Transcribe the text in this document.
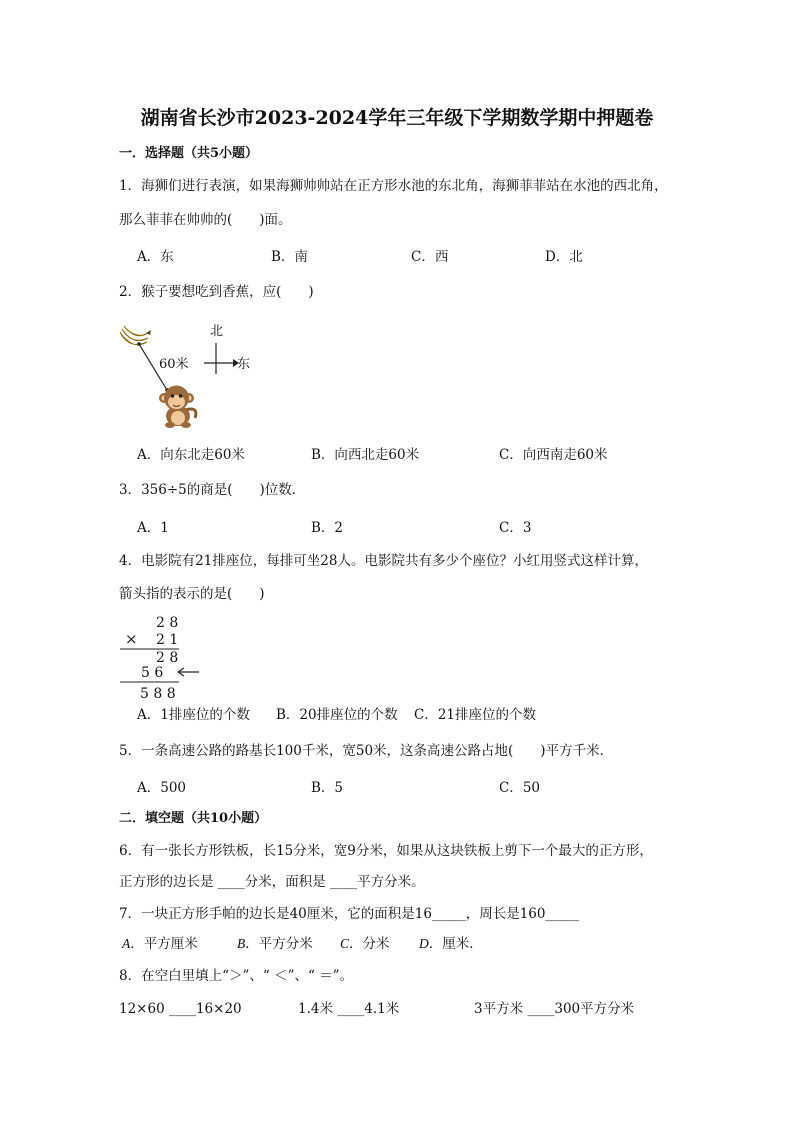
湖南省长沙市2023-2024学年三年级下学期数学期中押题卷
一．选择题（共5小题）
1．海狮们进行表演，如果海狮帅帅站在正方形水池的东北角，海狮菲菲站在水池的西北角，
那么菲菲在帅帅的(　　)面。
A．东	B．南	C．西	D．北
2．猴子要想吃到香蕉，应(　　)
60米
北
东
A．向东北走60米	B．向西北走60米	C．向西南走60米
3．356÷5的商是(　　)位数．
A．1	B．2	C．3
4．电影院有21排座位，每排可坐28人。电影院共有多少个座位？小红用竖式这样计算，
箭头指的表示的是(　　)
2 8
× 2 1
2 8
5 6
5 8 8
A．1排座位的个数 B．20排座位的个数 C．21排座位的个数
5．一条高速公路的路基长100千米，宽50米，这条高速公路占地(　　)平方千米．
A．500	B．5	C．50
二．填空题（共10小题）
6．有一张长方形铁板，长15分米，宽9分米，如果从这块铁板上剪下一个最大的正方形，
正方形的边长是 ____分米，面积是 ____平方分米。
7．一块正方形手帕的边长是40厘米，它的面积是16_____，周长是160_____
A．平方厘米	B．平方分米 C．分米 D．厘米．
8．在空白里填上“＞”、“ ＜”、“ ＝”。
12×60 ____16×20	1.4米 ____4.1米	3平方米 ____300平方分米
